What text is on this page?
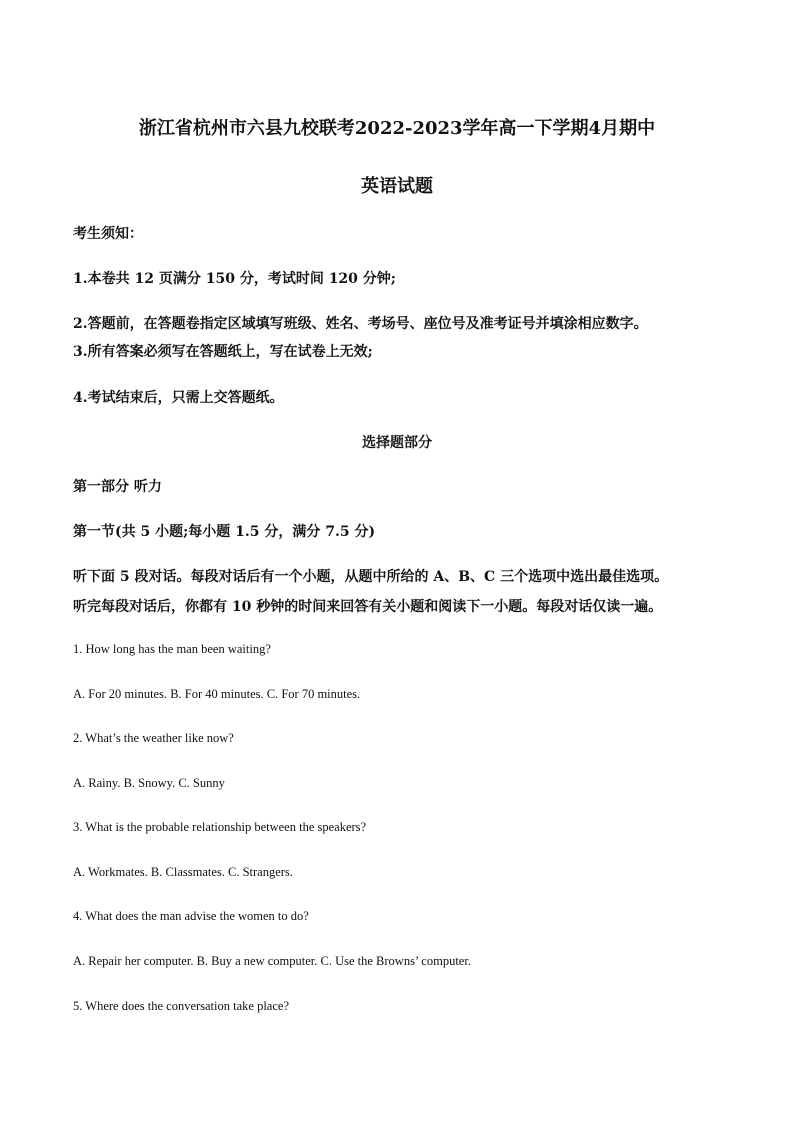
浙江省杭州市六县九校联考2022-2023学年高一下学期4月期中
英语试题
考生须知：
1.本卷共 12 页满分 150 分，考试时间 120 分钟;
2.答题前，在答题卷指定区域填写班级、姓名、考场号、座位号及准考证号并填涂相应数字。
3.所有答案必须写在答题纸上，写在试卷上无效;
4.考试结束后，只需上交答题纸。
选择题部分
第一部分 听力
第一节(共 5 小题;每小题 1.5 分，满分 7.5 分)
听下面 5 段对话。每段对话后有一个小题，从题中所给的 A、B、C 三个选项中选出最佳选项。
听完每段对话后，你都有 10 秒钟的时间来回答有关小题和阅读下一小题。每段对话仅读一遍。
1. How long has the man been waiting?
A. For 20 minutes. B. For 40 minutes. C. For 70 minutes.
2. What’s the weather like now?
A. Rainy. B. Snowy. C. Sunny
3. What is the probable relationship between the speakers?
A. Workmates. B. Classmates. C. Strangers.
4. What does the man advise the women to do?
A. Repair her computer. B. Buy a new computer. C. Use the Browns’ computer.
5. Where does the conversation take place?
